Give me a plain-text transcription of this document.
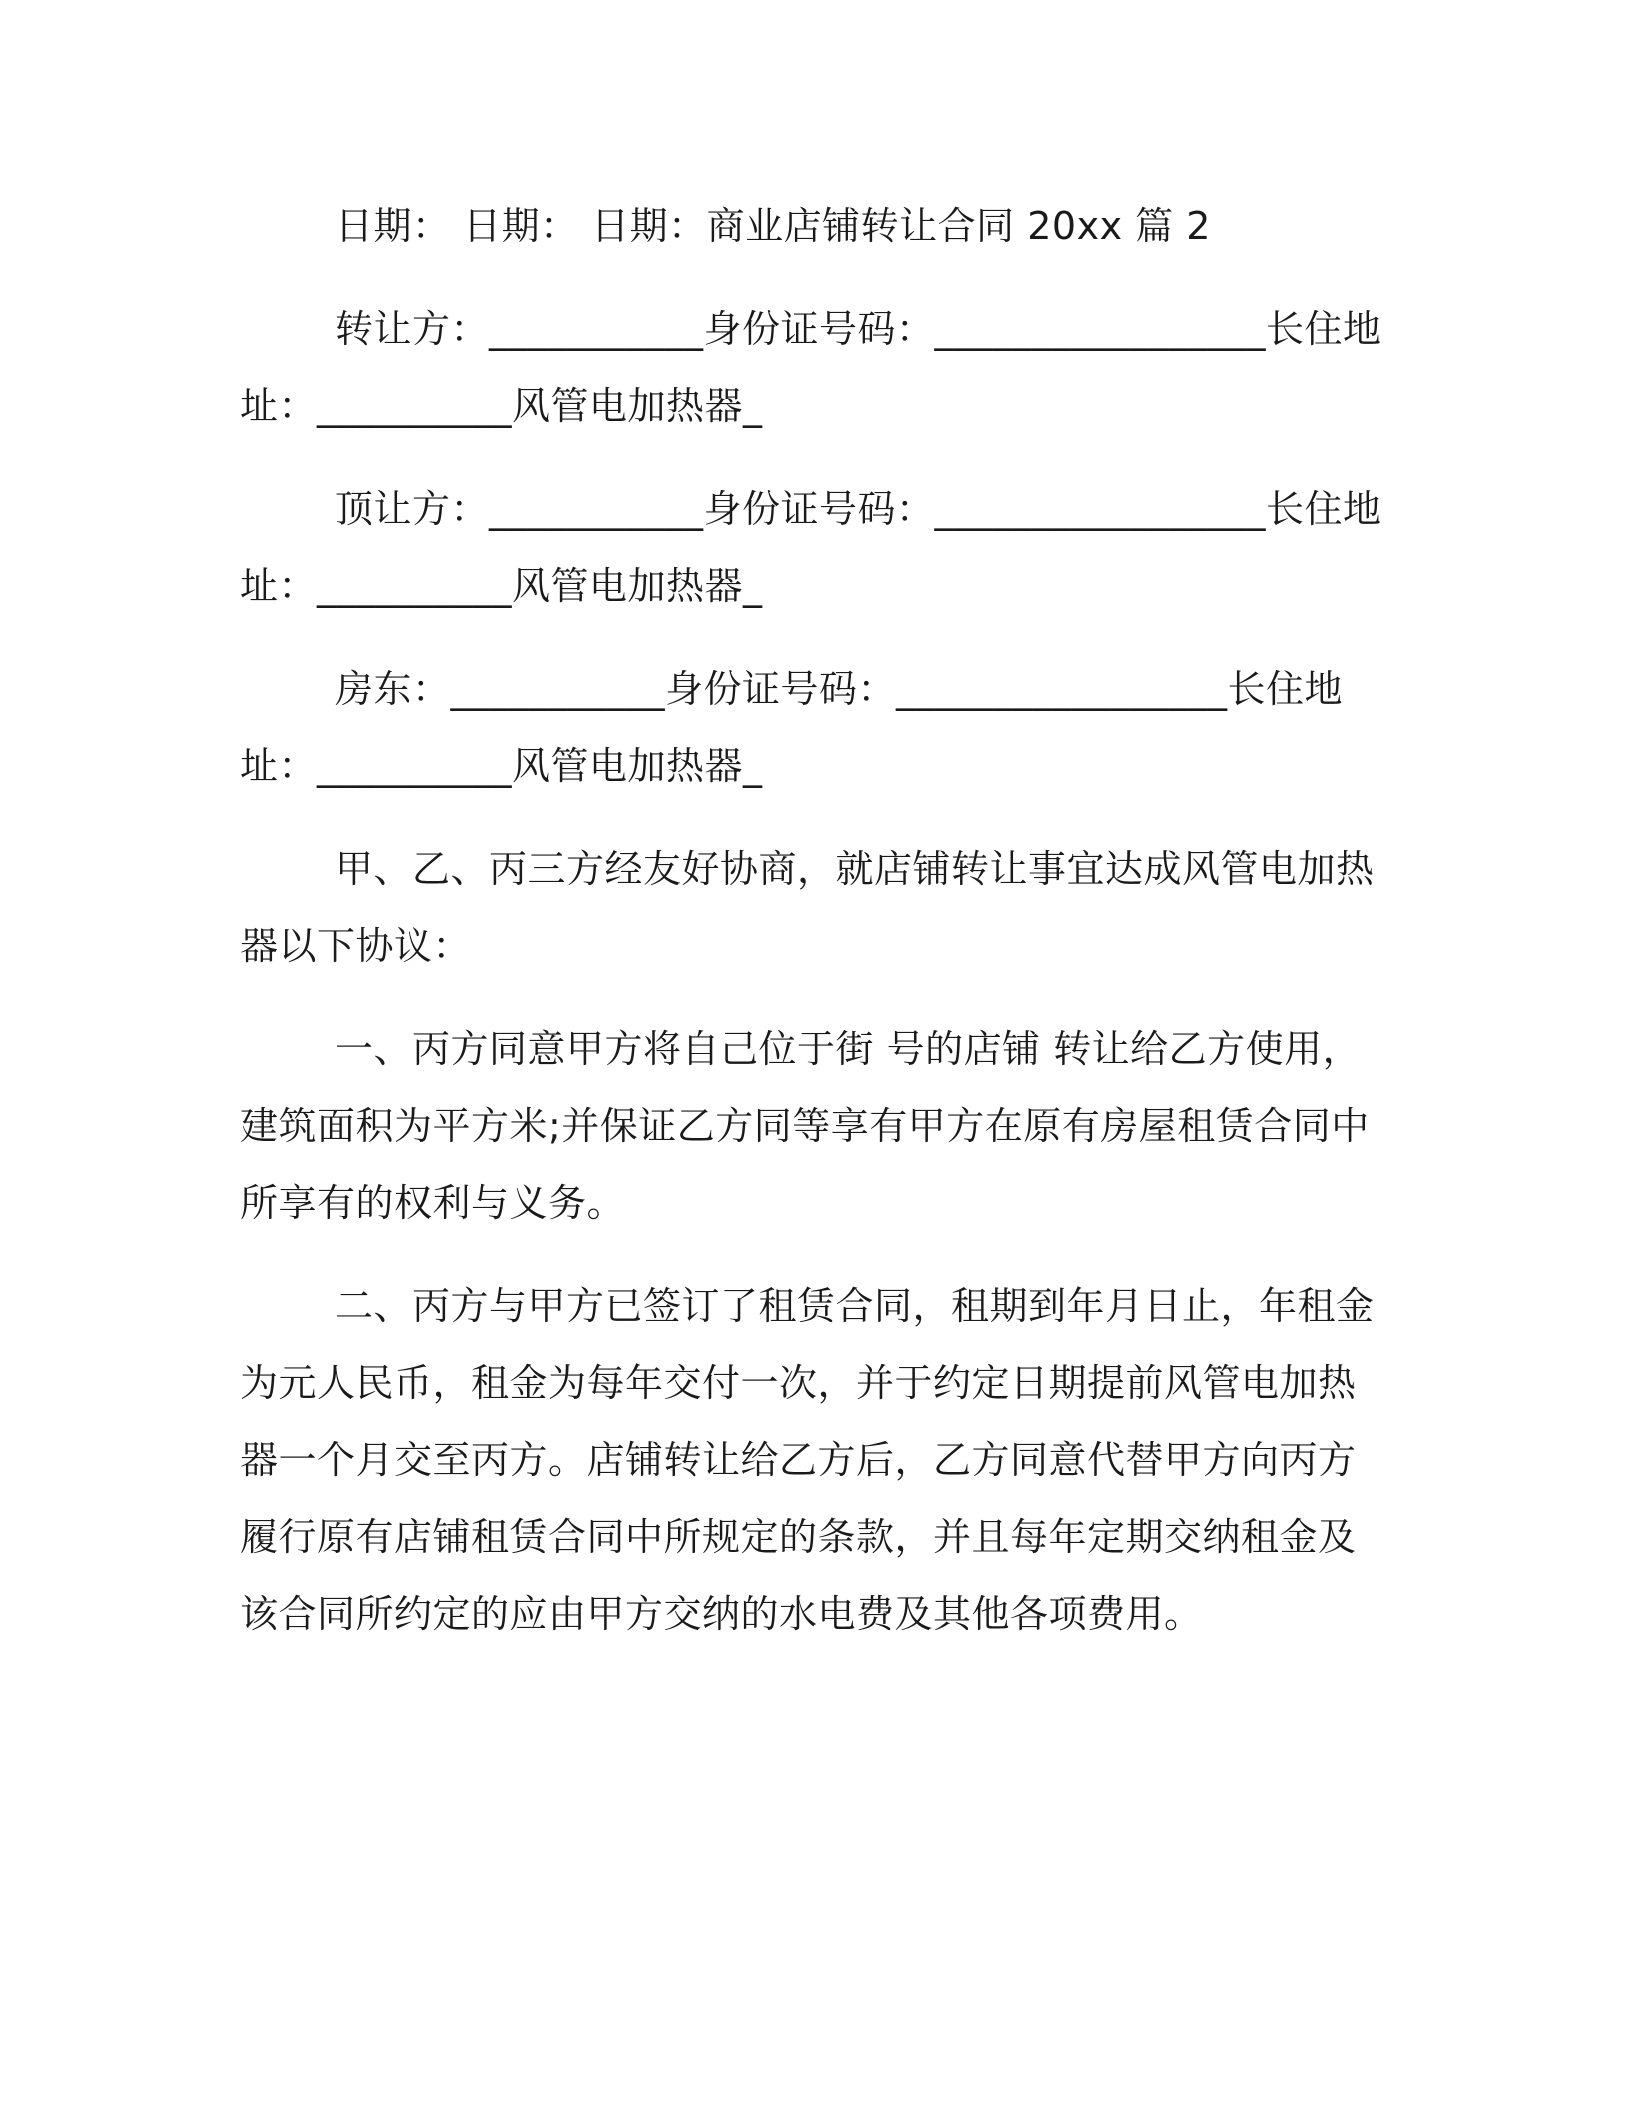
日期： 日期： 日期：商业店铺转让合同 20xx 篇 2

转让方：___________身份证号码：_________________长住地址：__________风管电加热器_

顶让方：___________身份证号码：_________________长住地址：__________风管电加热器_

房东：___________身份证号码：_________________长住地址：__________风管电加热器_

甲、乙、丙三方经友好协商，就店铺转让事宜达成风管电加热器以下协议：

一、丙方同意甲方将自己位于街 号的店铺 转让给乙方使用，建筑面积为平方米;并保证乙方同等享有甲方在原有房屋租赁合同中所享有的权利与义务。

二、丙方与甲方已签订了租赁合同，租期到年月日止，年租金为元人民币，租金为每年交付一次，并于约定日期提前风管电加热器一个月交至丙方。店铺转让给乙方后，乙方同意代替甲方向丙方履行原有店铺租赁合同中所规定的条款，并且每年定期交纳租金及该合同所约定的应由甲方交纳的水电费及其他各项费用。
